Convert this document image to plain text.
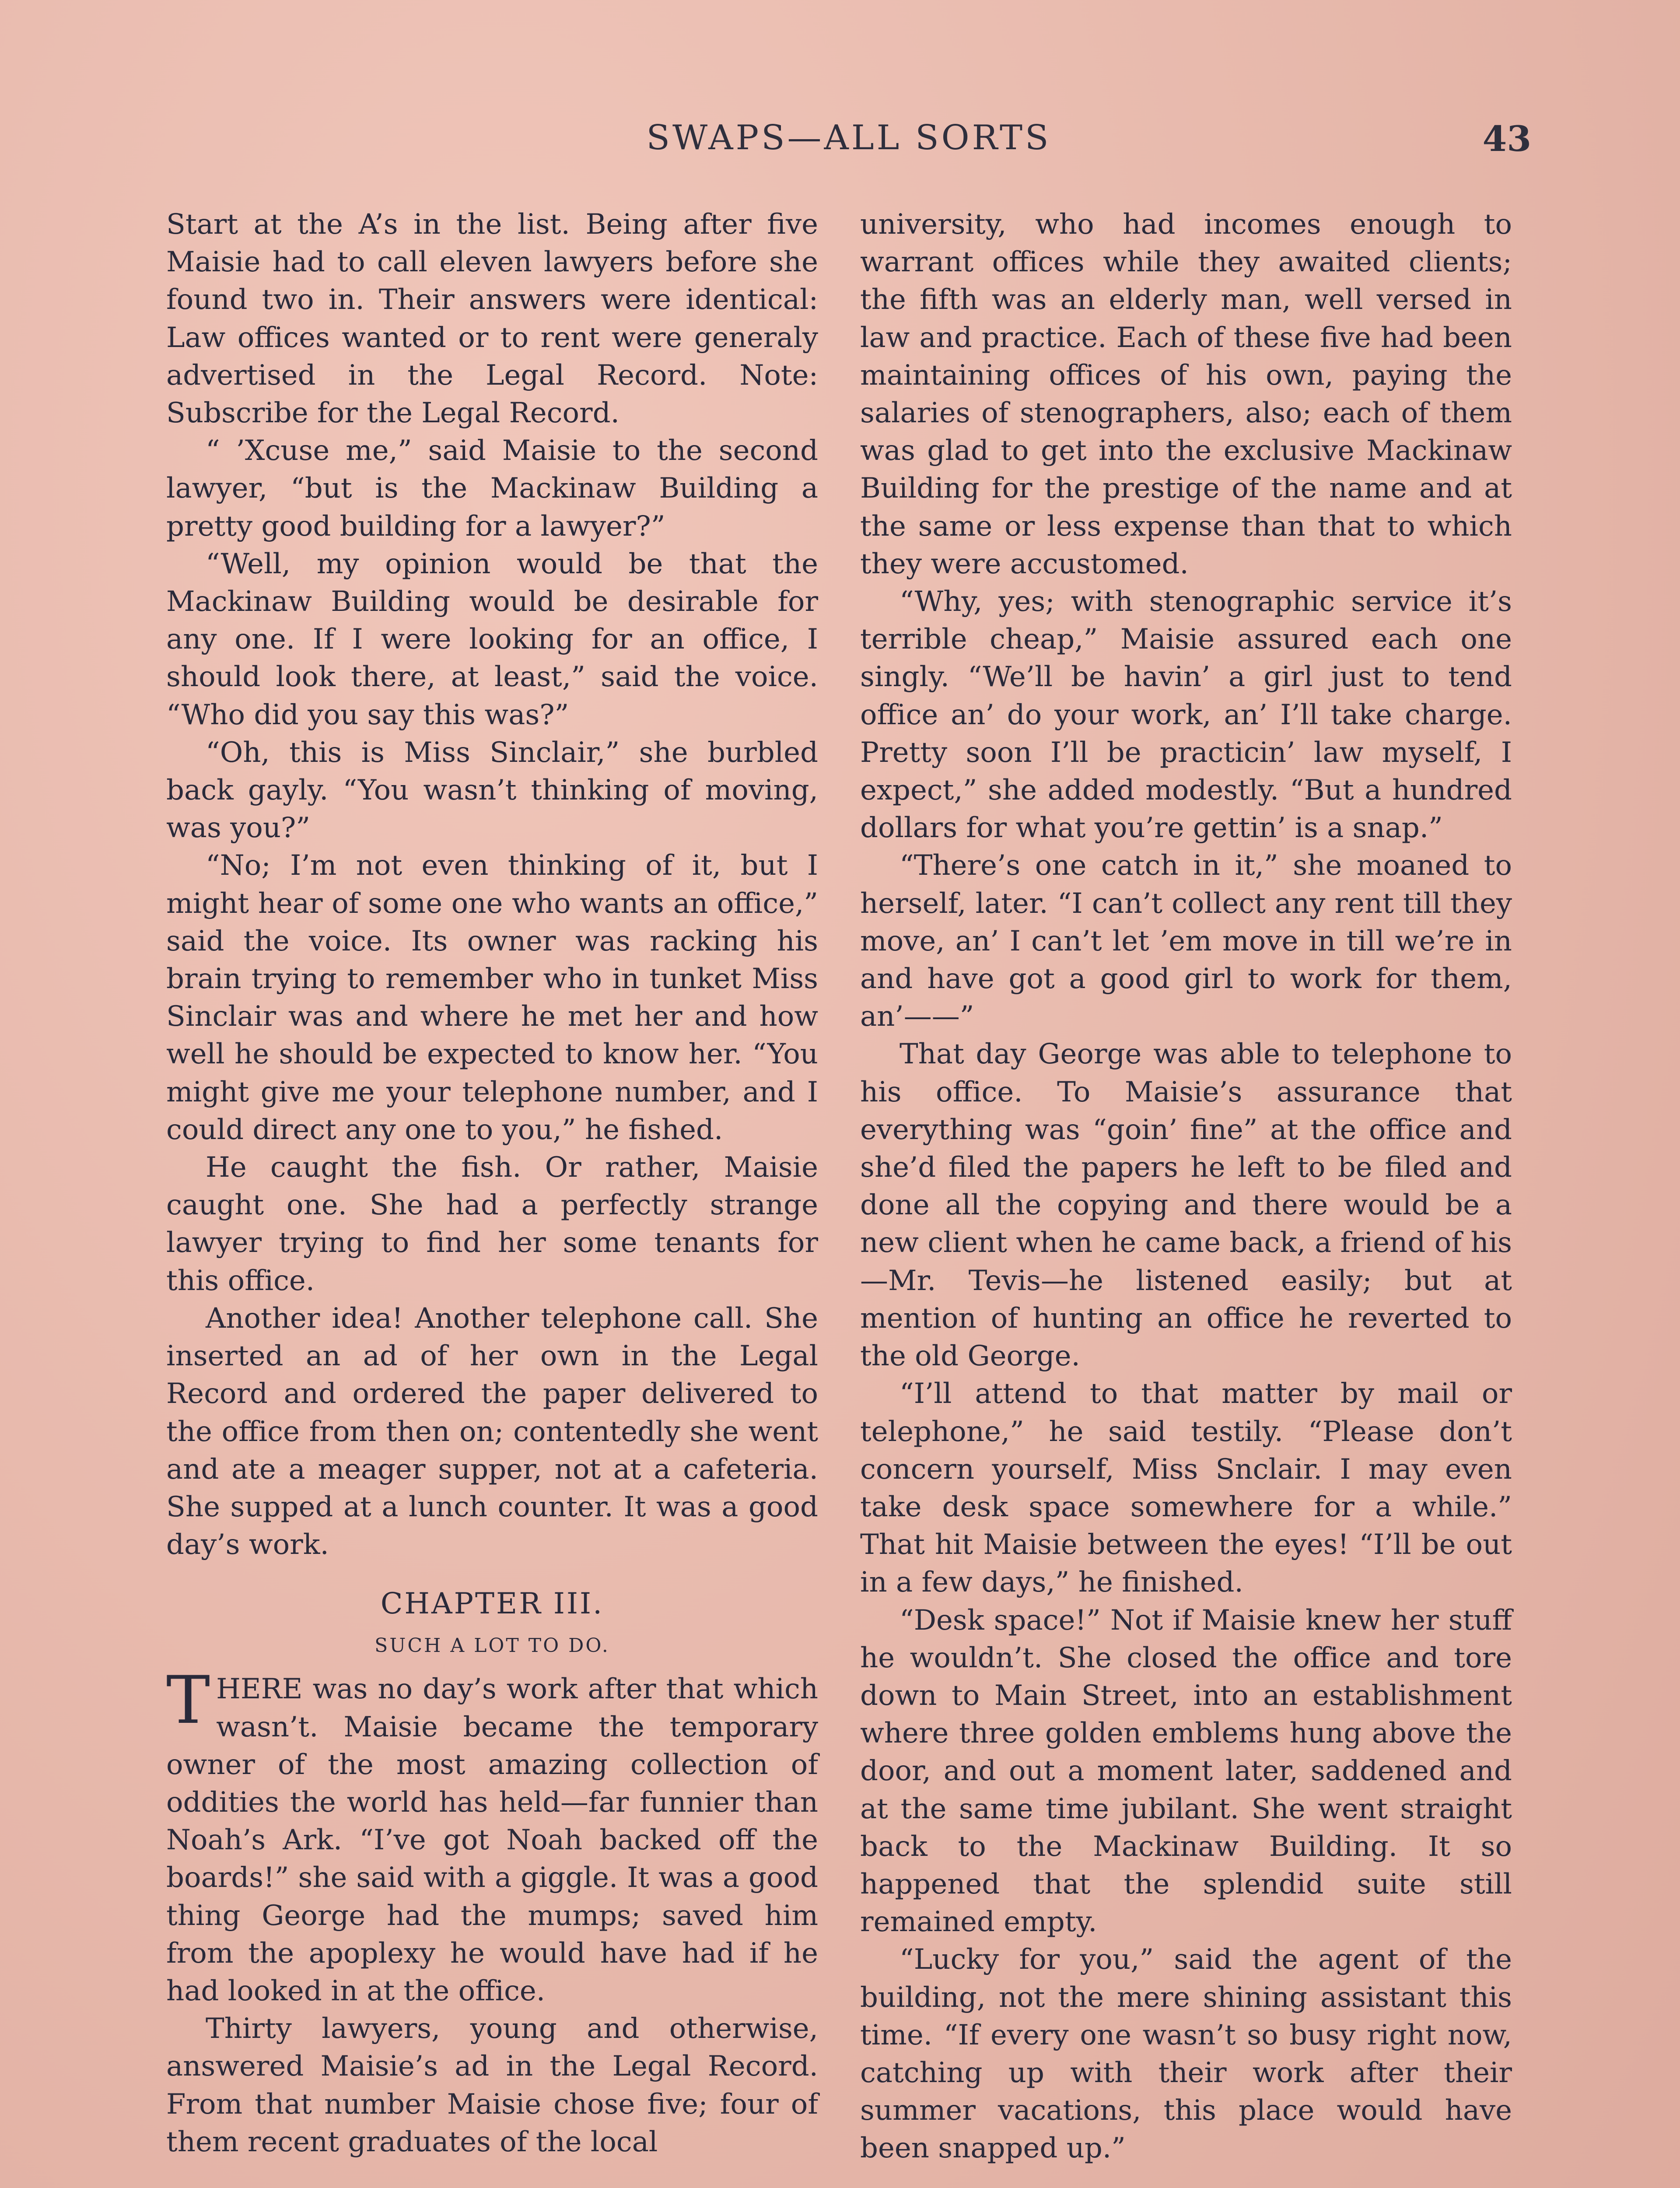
SWAPS—ALL SORTS	43

Start at the A’s in the list. Being after five Maisie had to call eleven lawyers before she found two in. Their answers were identical: Law offices wanted or to rent were generaly advertised in the Legal Record. Note: Subscribe for the Legal Record.

“ ’Xcuse me,” said Maisie to the second lawyer, “but is the Mackinaw Building a pretty good building for a lawyer?”

“Well, my opinion would be that the Mackinaw Building would be desirable for any one. If I were looking for an office, I should look there, at least,” said the voice. “Who did you say this was?”

“Oh, this is Miss Sinclair,” she burbled back gayly. “You wasn’t thinking of moving, was you?”

“No; I’m not even thinking of it, but I might hear of some one who wants an office,” said the voice. Its owner was racking his brain trying to remember who in tunket Miss Sinclair was and where he met her and how well he should be expected to know her. “You might give me your telephone number, and I could direct any one to you,” he fished.

He caught the fish. Or rather, Maisie caught one. She had a perfectly strange lawyer trying to find her some tenants for this office.

Another idea! Another telephone call. She inserted an ad of her own in the Legal Record and ordered the paper delivered to the office from then on; contentedly she went and ate a meager supper, not at a cafeteria. She supped at a lunch counter. It was a good day’s work.

CHAPTER III.
SUCH A LOT TO DO.

THERE was no day’s work after that which wasn’t. Maisie became the temporary owner of the most amazing collection of oddities the world has held—far funnier than Noah’s Ark. “I’ve got Noah backed off the boards!” she said with a giggle. It was a good thing George had the mumps; saved him from the apoplexy he would have had if he had looked in at the office.

Thirty lawyers, young and otherwise, answered Maisie’s ad in the Legal Record. From that number Maisie chose five; four of them recent graduates of the local

university, who had incomes enough to warrant offices while they awaited clients; the fifth was an elderly man, well versed in law and practice. Each of these five had been maintaining offices of his own, paying the salaries of stenographers, also; each of them was glad to get into the exclusive Mackinaw Building for the prestige of the name and at the same or less expense than that to which they were accustomed.

“Why, yes; with stenographic service it’s terrible cheap,” Maisie assured each one singly. “We’ll be havin’ a girl just to tend office an’ do your work, an’ I’ll take charge. Pretty soon I’ll be practicin’ law myself, I expect,” she added modestly. “But a hundred dollars for what you’re gettin’ is a snap.”

“There’s one catch in it,” she moaned to herself, later. “I can’t collect any rent till they move, an’ I can’t let ’em move in till we’re in and have got a good girl to work for them, an’——”

That day George was able to telephone to his office. To Maisie’s assurance that everything was “goin’ fine” at the office and she’d filed the papers he left to be filed and done all the copying and there would be a new client when he came back, a friend of his—Mr. Tevis—he listened easily; but at mention of hunting an office he reverted to the old George.

“I’ll attend to that matter by mail or telephone,” he said testily. “Please don’t concern yourself, Miss Snclair. I may even take desk space somewhere for a while.” That hit Maisie between the eyes! “I’ll be out in a few days,” he finished.

“Desk space!” Not if Maisie knew her stuff he wouldn’t. She closed the office and tore down to Main Street, into an establishment where three golden emblems hung above the door, and out a moment later, saddened and at the same time jubilant. She went straight back to the Mackinaw Building. It so happened that the splendid suite still remained empty.

“Lucky for you,” said the agent of the building, not the mere shining assistant this time. “If every one wasn’t so busy right now, catching up with their work after their summer vacations, this place would have been snapped up.”
